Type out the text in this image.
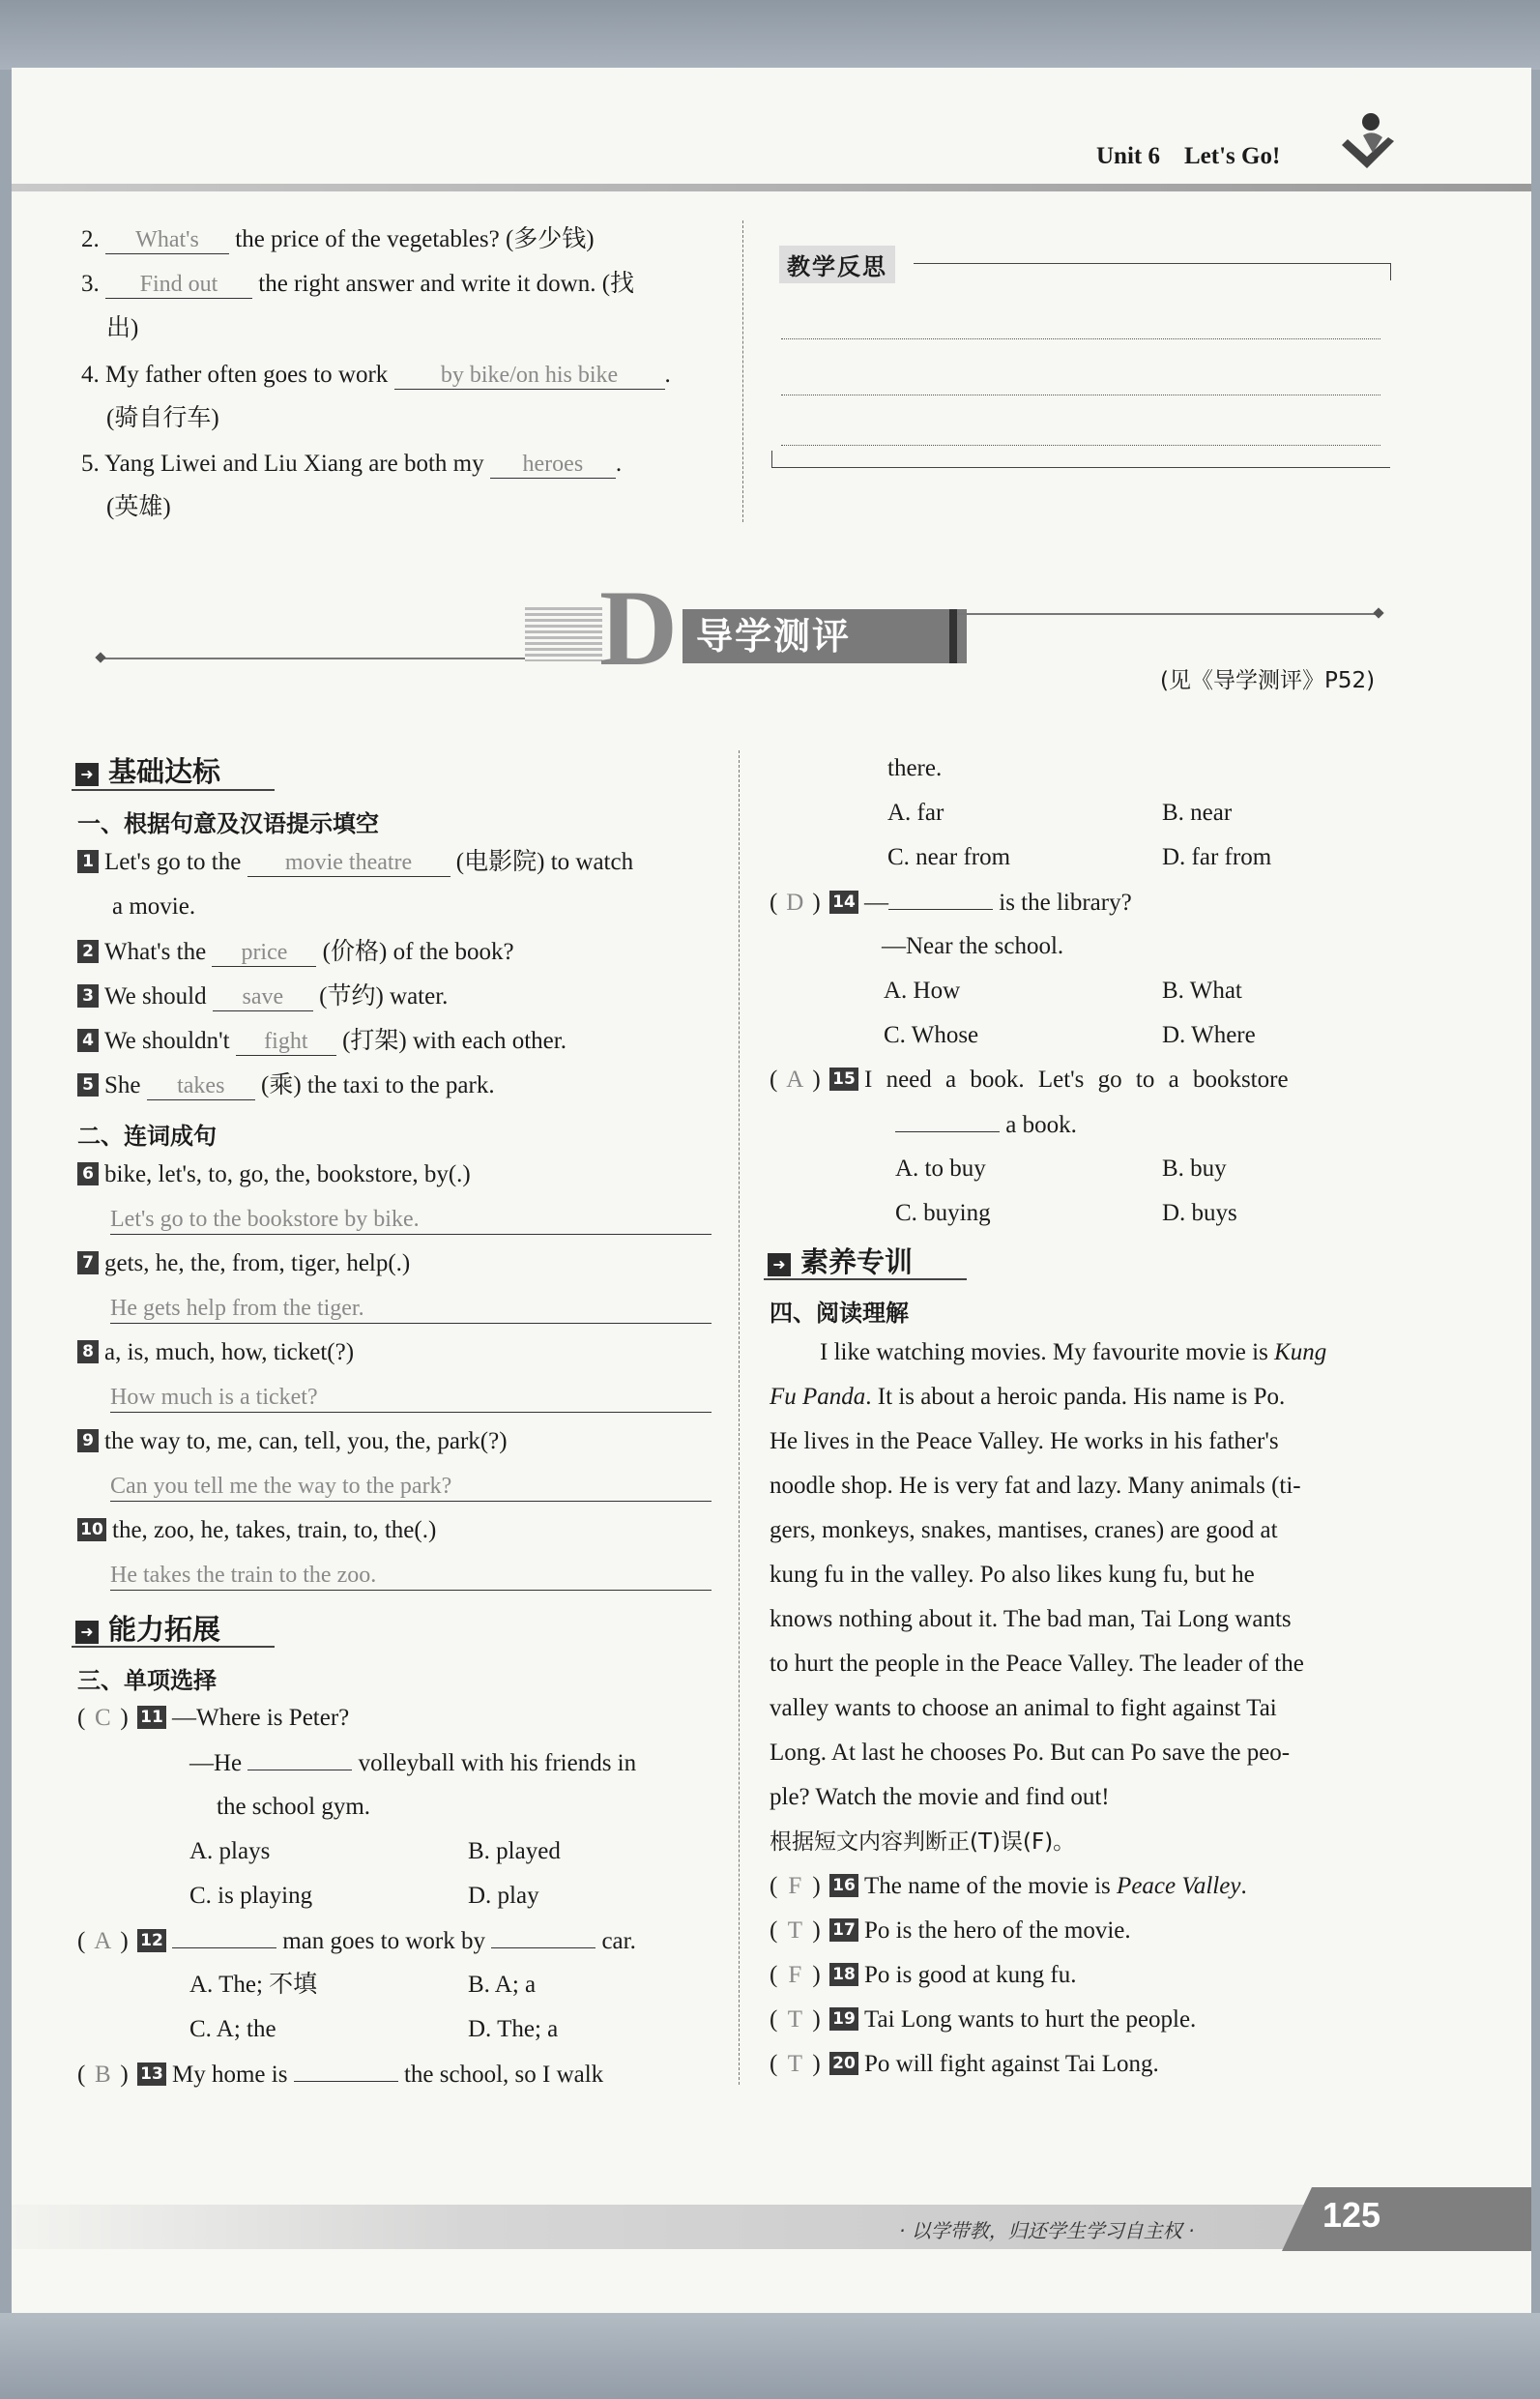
Unit 6 Let's Go!
2. What's the price of the vegetables? (多少钱)
3. Find out the right answer and write it down. (找
出)
4. My father often goes to work by bike/on his bike .
(骑自行车)
5. Yang Liwei and Liu Xiang are both my heroes .
(英雄)
教学反思
D 导学测评
(见《导学测评》P52)
➜ 基础达标
一、根据句意及汉语提示填空
1 Let's go to the movie theatre (电影院) to watch
a movie.
2 What's the price (价格) of the book?
3 We should save (节约) water.
4 We shouldn't fight (打架) with each other.
5 She takes (乘) the taxi to the park.
二、连词成句
6 bike, let's, to, go, the, bookstore, by(.)
Let's go to the bookstore by bike.
7 gets, he, the, from, tiger, help(.)
He gets help from the tiger.
8 a, is, much, how, ticket(?)
How much is a ticket?
9 the way to, me, can, tell, you, the, park(?)
Can you tell me the way to the park?
10 the, zoo, he, takes, train, to, the(.)
He takes the train to the zoo.
➜ 能力拓展
三、单项选择
( C ) 11 —Where is Peter?
—He	volleyball with his friends in
the school gym.
A. plays	B. played
C. is playing	D. play
( A ) 12	man goes to work by	car.
A. The; 不填	B. A; a
C. A; the	D. The; a
( B ) 13 My home is	the school, so I walk
there.
A. far	B. near
C. near from	D. far from
( D ) 14 —	is the library?
—Near the school.
A. How	B. What
C. Whose	D. Where
( A ) 15 I need a book. Let's go to a bookstore
a book.
A. to buy	B. buy
C. buying	D. buys
➜ 素养专训
四、阅读理解
I like watching movies. My favourite movie is Kung
Fu Panda. It is about a heroic panda. His name is Po.
He lives in the Peace Valley. He works in his father's
noodle shop. He is very fat and lazy. Many animals (ti-
gers, monkeys, snakes, mantises, cranes) are good at
kung fu in the valley. Po also likes kung fu, but he
knows nothing about it. The bad man, Tai Long wants
to hurt the people in the Peace Valley. The leader of the
valley wants to choose an animal to fight against Tai
Long. At last he chooses Po. But can Po save the peo-
ple? Watch the movie and find out!
根据短文内容判断正(T)误(F)。
( F ) 16 The name of the movie is Peace Valley.
( T ) 17 Po is the hero of the movie.
( F ) 18 Po is good at kung fu.
( T ) 19 Tai Long wants to hurt the people.
( T ) 20 Po will fight against Tai Long.
· 以学带教，归还学生学习自主权 ·	125
